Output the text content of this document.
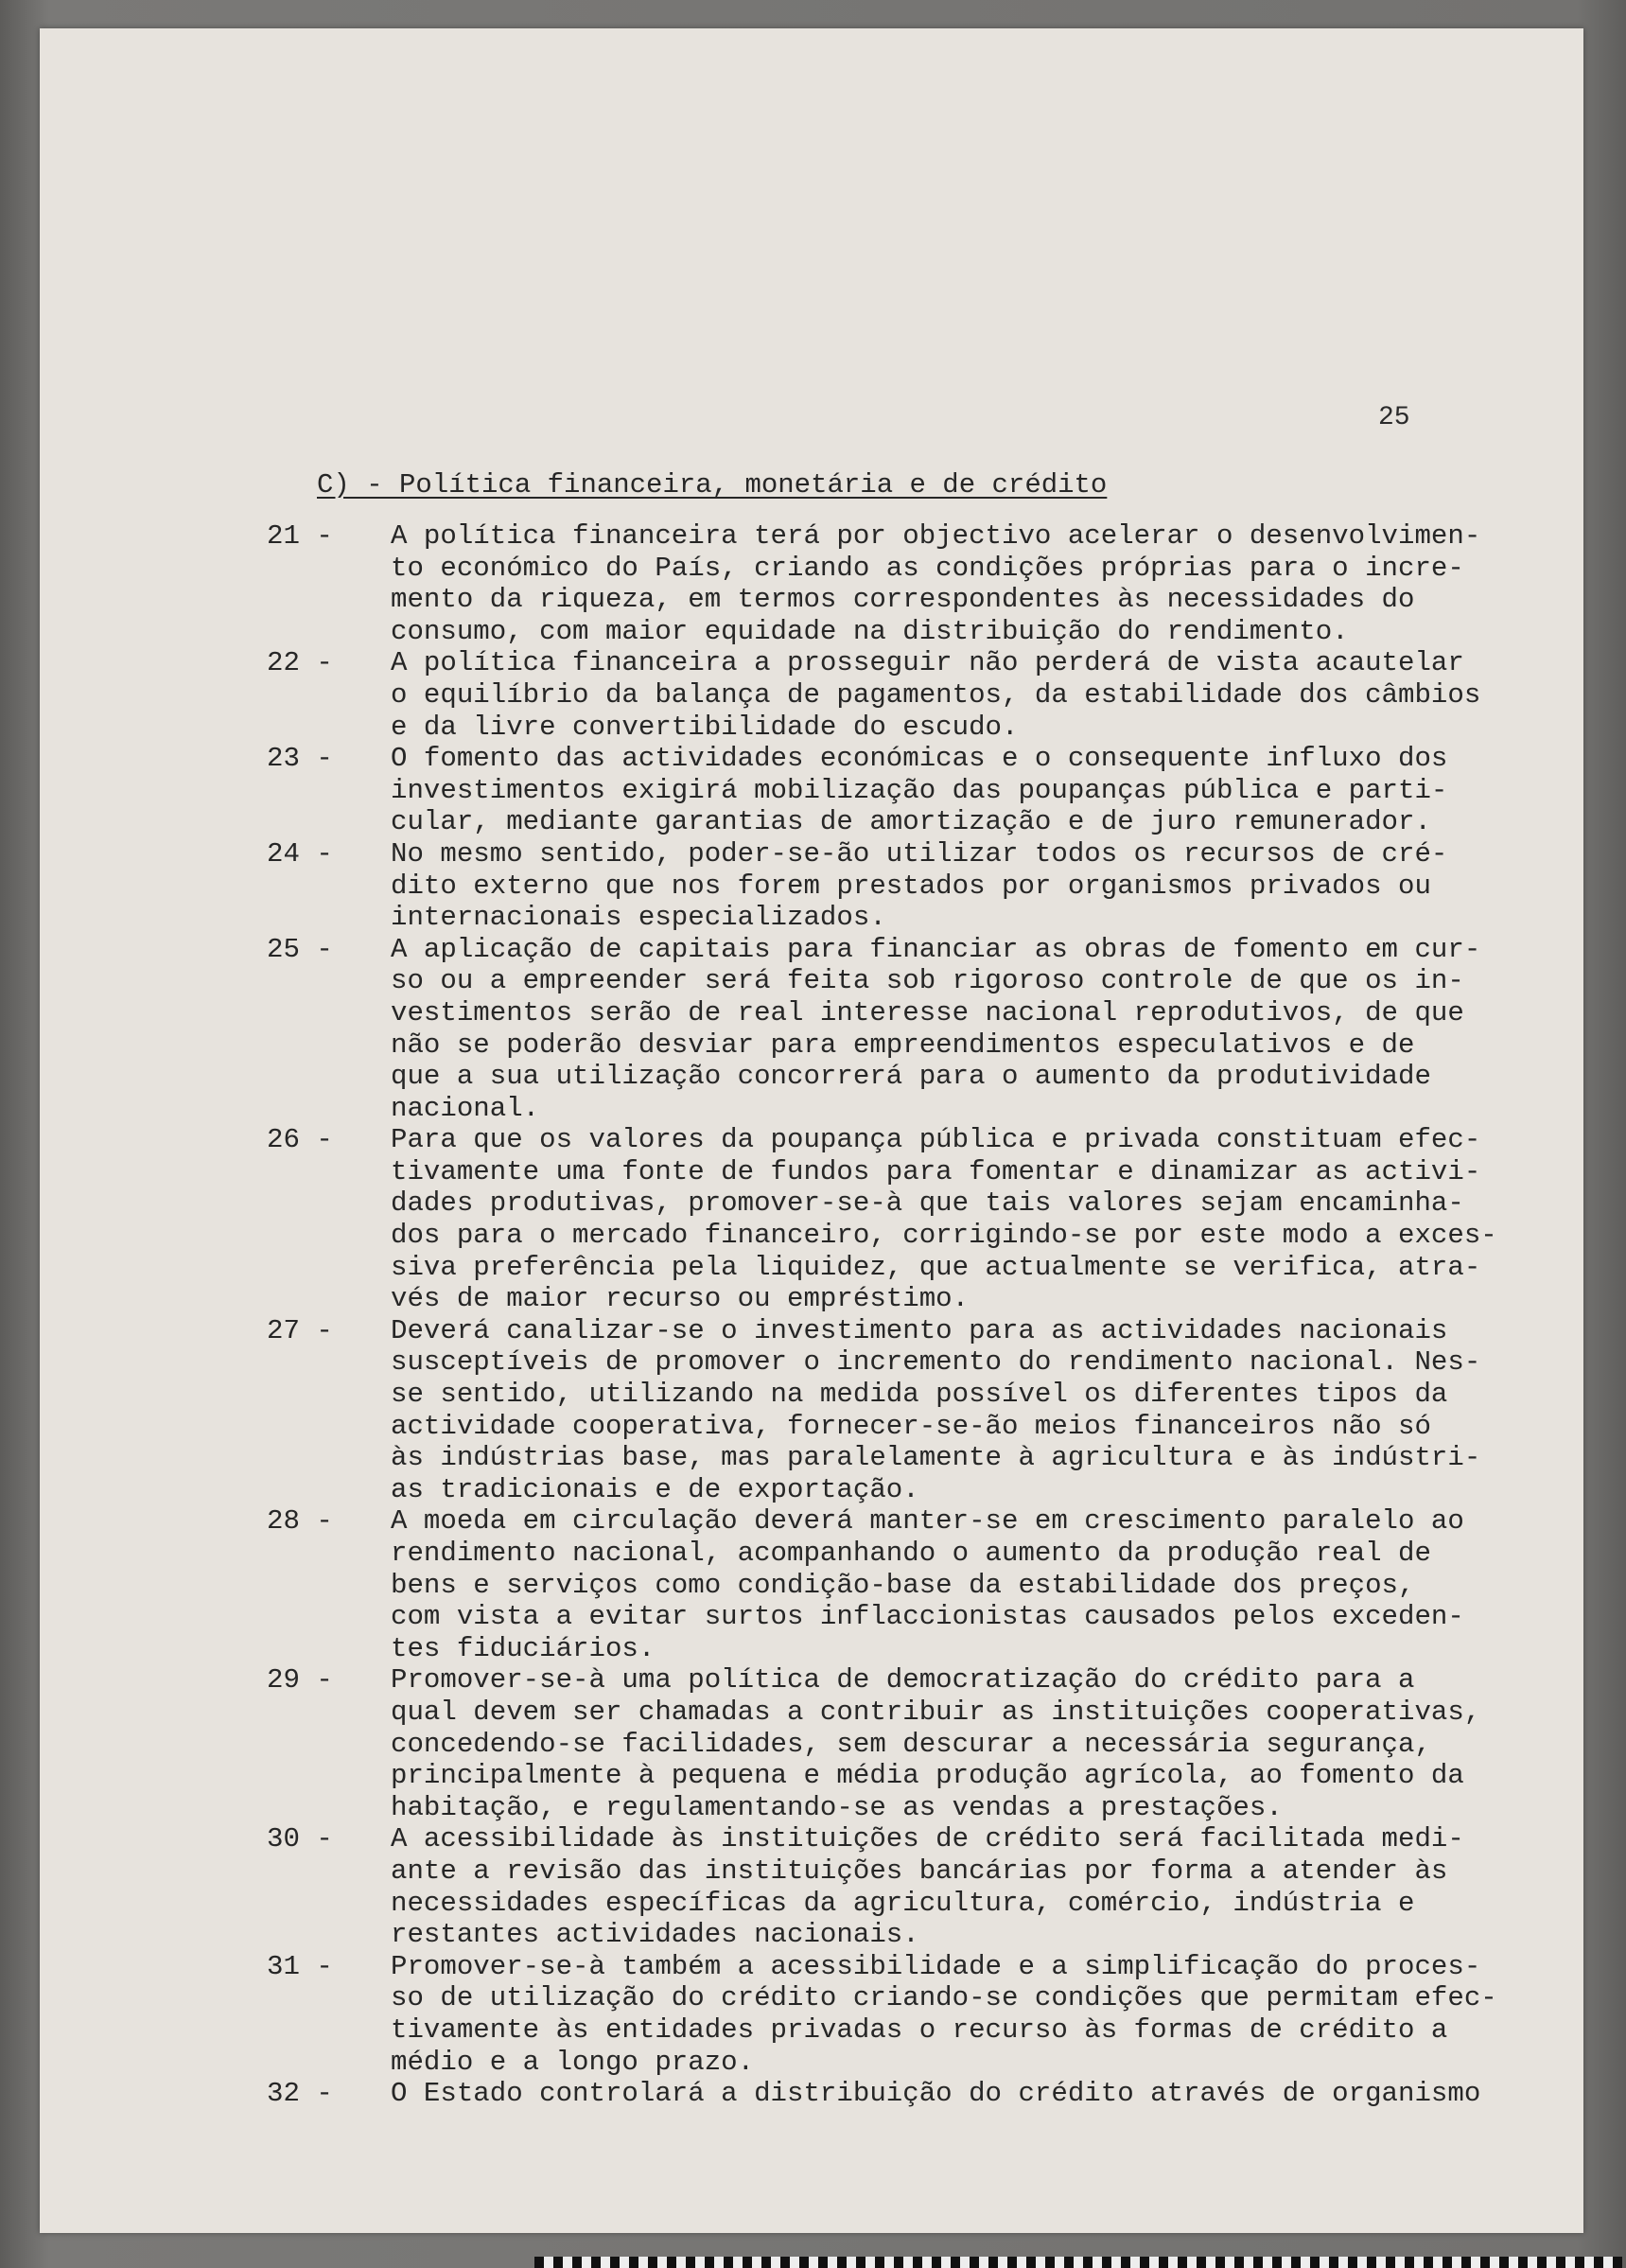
25
C) - Política financeira, monetária e de crédito
21 -	A política financeira terá por objectivo acelerar o desenvolvimen-
to económico do País, criando as condições próprias para o incre-
mento da riqueza, em termos correspondentes às necessidades do
consumo, com maior equidade na distribuição do rendimento.
22 -	A política financeira a prosseguir não perderá de vista acautelar
o equilíbrio da balança de pagamentos, da estabilidade dos câmbios
e da livre convertibilidade do escudo.
23 -	O fomento das actividades económicas e o consequente influxo dos
investimentos exigirá mobilização das poupanças pública e parti-
cular, mediante garantias de amortização e de juro remunerador.
24 -	No mesmo sentido, poder-se-ão utilizar todos os recursos de cré-
dito externo que nos forem prestados por organismos privados ou
internacionais especializados.
25 -	A aplicação de capitais para financiar as obras de fomento em cur-
so ou a empreender será feita sob rigoroso controle de que os in-
vestimentos serão de real interesse nacional reprodutivos, de que
não se poderão desviar para empreendimentos especulativos e de
que a sua utilização concorrerá para o aumento da produtividade
nacional.
26 -	Para que os valores da poupança pública e privada constituam efec-
tivamente uma fonte de fundos para fomentar e dinamizar as activi-
dades produtivas, promover-se-à que tais valores sejam encaminha-
dos para o mercado financeiro, corrigindo-se por este modo a exces-
siva preferência pela liquidez, que actualmente se verifica, atra-
vés de maior recurso ou empréstimo.
27 -	Deverá canalizar-se o investimento para as actividades nacionais
susceptíveis de promover o incremento do rendimento nacional. Nes-
se sentido, utilizando na medida possível os diferentes tipos da
actividade cooperativa, fornecer-se-ão meios financeiros não só
às indústrias base, mas paralelamente à agricultura e às indústri-
as tradicionais e de exportação.
28 -	A moeda em circulação deverá manter-se em crescimento paralelo ao
rendimento nacional, acompanhando o aumento da produção real de
bens e serviços como condição-base da estabilidade dos preços,
com vista a evitar surtos inflaccionistas causados pelos exceden-
tes fiduciários.
29 -	Promover-se-à uma política de democratização do crédito para a
qual devem ser chamadas a contribuir as instituições cooperativas,
concedendo-se facilidades, sem descurar a necessária segurança,
principalmente à pequena e média produção agrícola, ao fomento da
habitação, e regulamentando-se as vendas a prestações.
30 -	A acessibilidade às instituições de crédito será facilitada medi-
ante a revisão das instituições bancárias por forma a atender às
necessidades específicas da agricultura, comércio, indústria e
restantes actividades nacionais.
31 -	Promover-se-à também a acessibilidade e a simplificação do proces-
so de utilização do crédito criando-se condições que permitam efec-
tivamente às entidades privadas o recurso às formas de crédito a
médio e a longo prazo.
32 -	O Estado controlará a distribuição do crédito através de organismo
